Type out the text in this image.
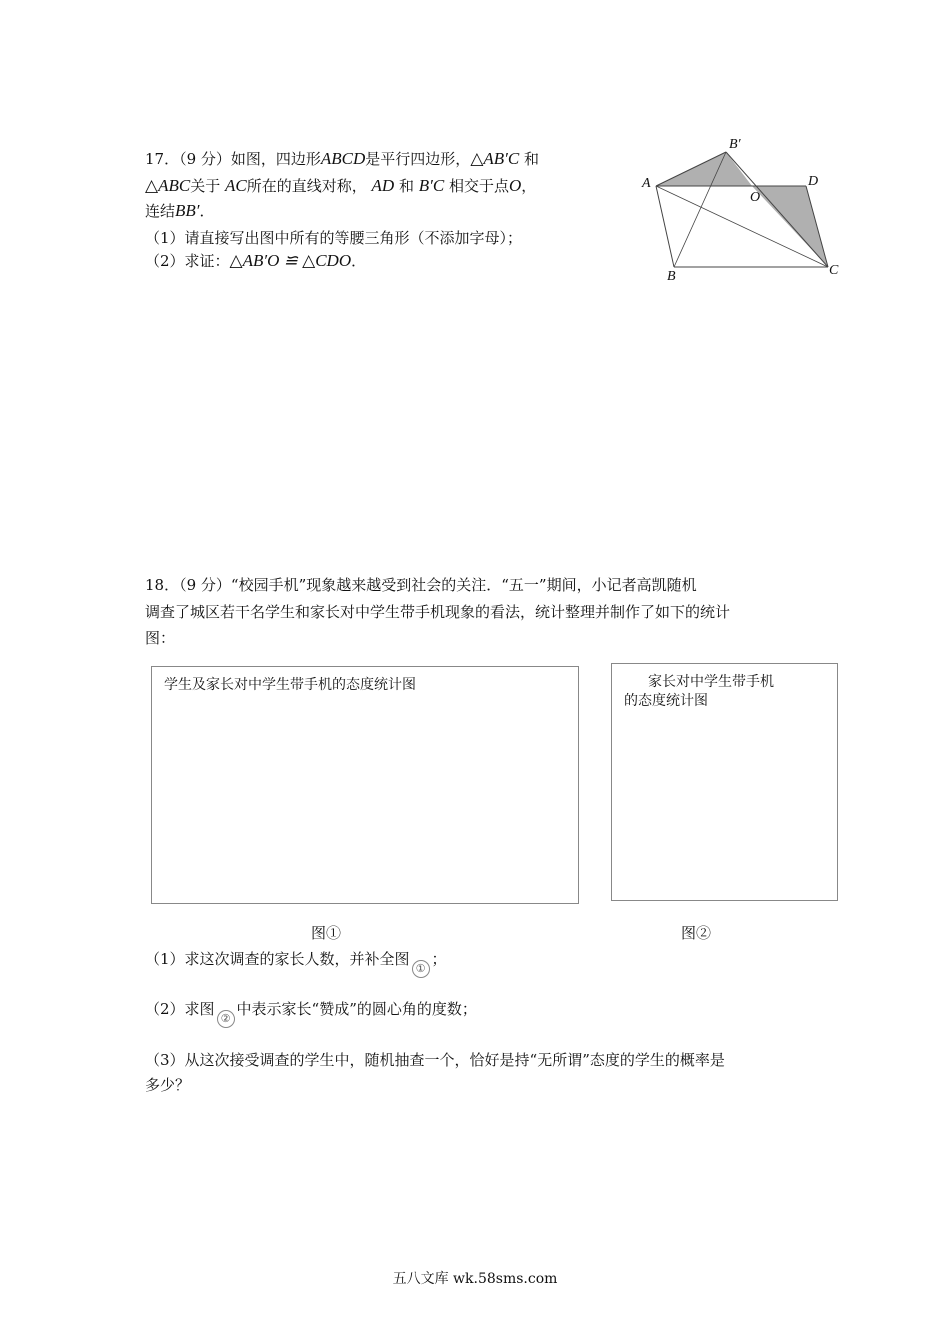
17．（9 分）如图，四边形ABCD是平行四边形，△AB′C 和
△ABC关于 AC所在的直线对称， AD 和 B′C 相交于点O，
连结BB′．
（1）请直接写出图中所有的等腰三角形（不添加字母）；
（2）求证：△AB′O ≌ △CDO．
A
B′
D
O
B	C
18．（9 分）“校园手机”现象越来越受到社会的关注．“五一”期间，小记者高凯随机
调查了城区若干名学生和家长对中学生带手机现象的看法，统计整理并制作了如下的统计
图：
学生及家长对中学生带手机的态度统计图	家长对中学生带手机
的态度统计图
图①	图②
（1）求这次调查的家长人数，并补全图①；
（2）求图②中表示家长“赞成”的圆心角的度数；
（3）从这次接受调查的学生中，随机抽查一个，恰好是持“无所谓”态度的学生的概率是
多少？
五八文库 wk.58sms.com
